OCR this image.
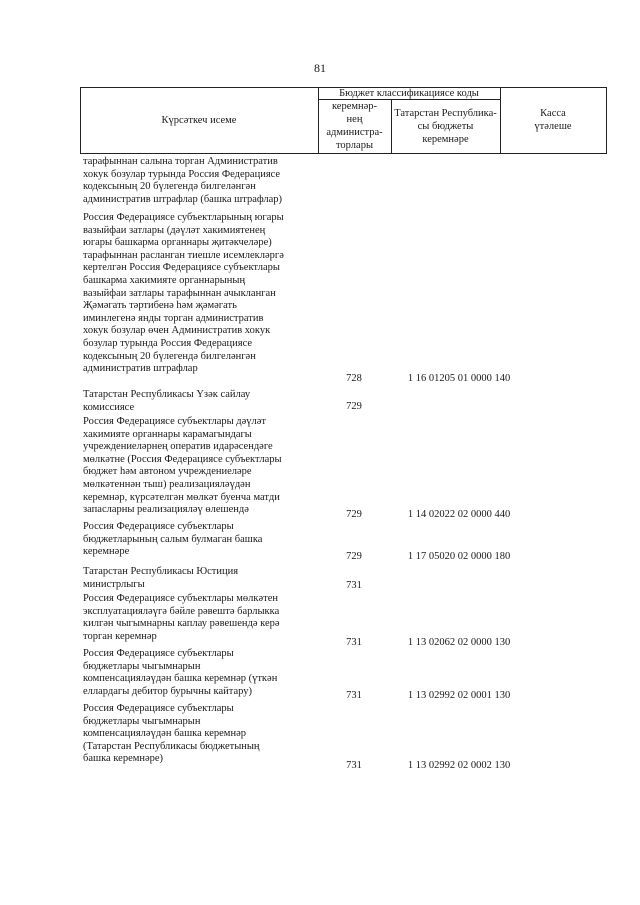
81
Күрсәткеч исеме
Бюджет классификациясе коды
керемнәр-
нең
администра-
торлары
Татарстан Республика-
сы бюджеты
керемнәре
Касса
үтәлеше
тарафыннан салына торган Административ
хокук бозулар турында Россия Федерациясе
кодексының 20 бүлегендә билгеләнгән
административ штрафлар (башка штрафлар)
Россия Федерациясе субъектларының югары
вазыйфаи затлары (дәүләт хакимиятенең
югары башкарма органнары җитәкчеләре)
тарафыннан расланган тиешле исемлекләргә
кертелгән Россия Федерациясе субъектлары
башкарма хакимияте органнарының
вазыйфаи затлары тарафыннан ачыкланган
Җәмәгать тәртибенә һәм җәмәгать
иминлегенә янды торган административ
хокук бозулар өчен Административ хокук
бозулар турында Россия Федерациясе
кодексының 20 бүлегендә билгеләнгән
административ штрафлар
728	1 16 01205 01 0000 140
Татарстан Республикасы Үзәк сайлау
комиссиясе	729
Россия Федерациясе субъектлары дәүләт
хакимияте органнары карамагындагы
учреждениеләрнең оператив идарәсендәге
мөлкәтне (Россия Федерациясе субъектлары
бюджет һәм автоном учреждениеләре
мөлкәтеннән тыш) реализацияләүдән
керемнәр, күрсәтелгән мөлкәт буенча матди
запасларны реализацияләү өлешендә	729	1 14 02022 02 0000 440
Россия Федерациясе субъектлары
бюджетларының салым булмаган башка
керемнәре	729	1 17 05020 02 0000 180
Татарстан Республикасы Юстиция
министрлыгы	731
Россия Федерациясе субъектлары мөлкәтен
эксплуатацияләүгә бәйле рәвештә барлыкка
килгән чыгымнарны каплау рәвешендә керә
торган керемнәр
731	1 13 02062 02 0000 130
Россия Федерациясе субъектлары
бюджетлары чыгымнарын
компенсацияләүдән башка керемнәр (үткән
еллардагы дебитор бурычны кайтару)	731	1 13 02992 02 0001 130
Россия Федерациясе субъектлары
бюджетлары чыгымнарын
компенсацияләүдән башка керемнәр
(Татарстан Республикасы бюджетының
башка керемнәре)
731	1 13 02992 02 0002 130
